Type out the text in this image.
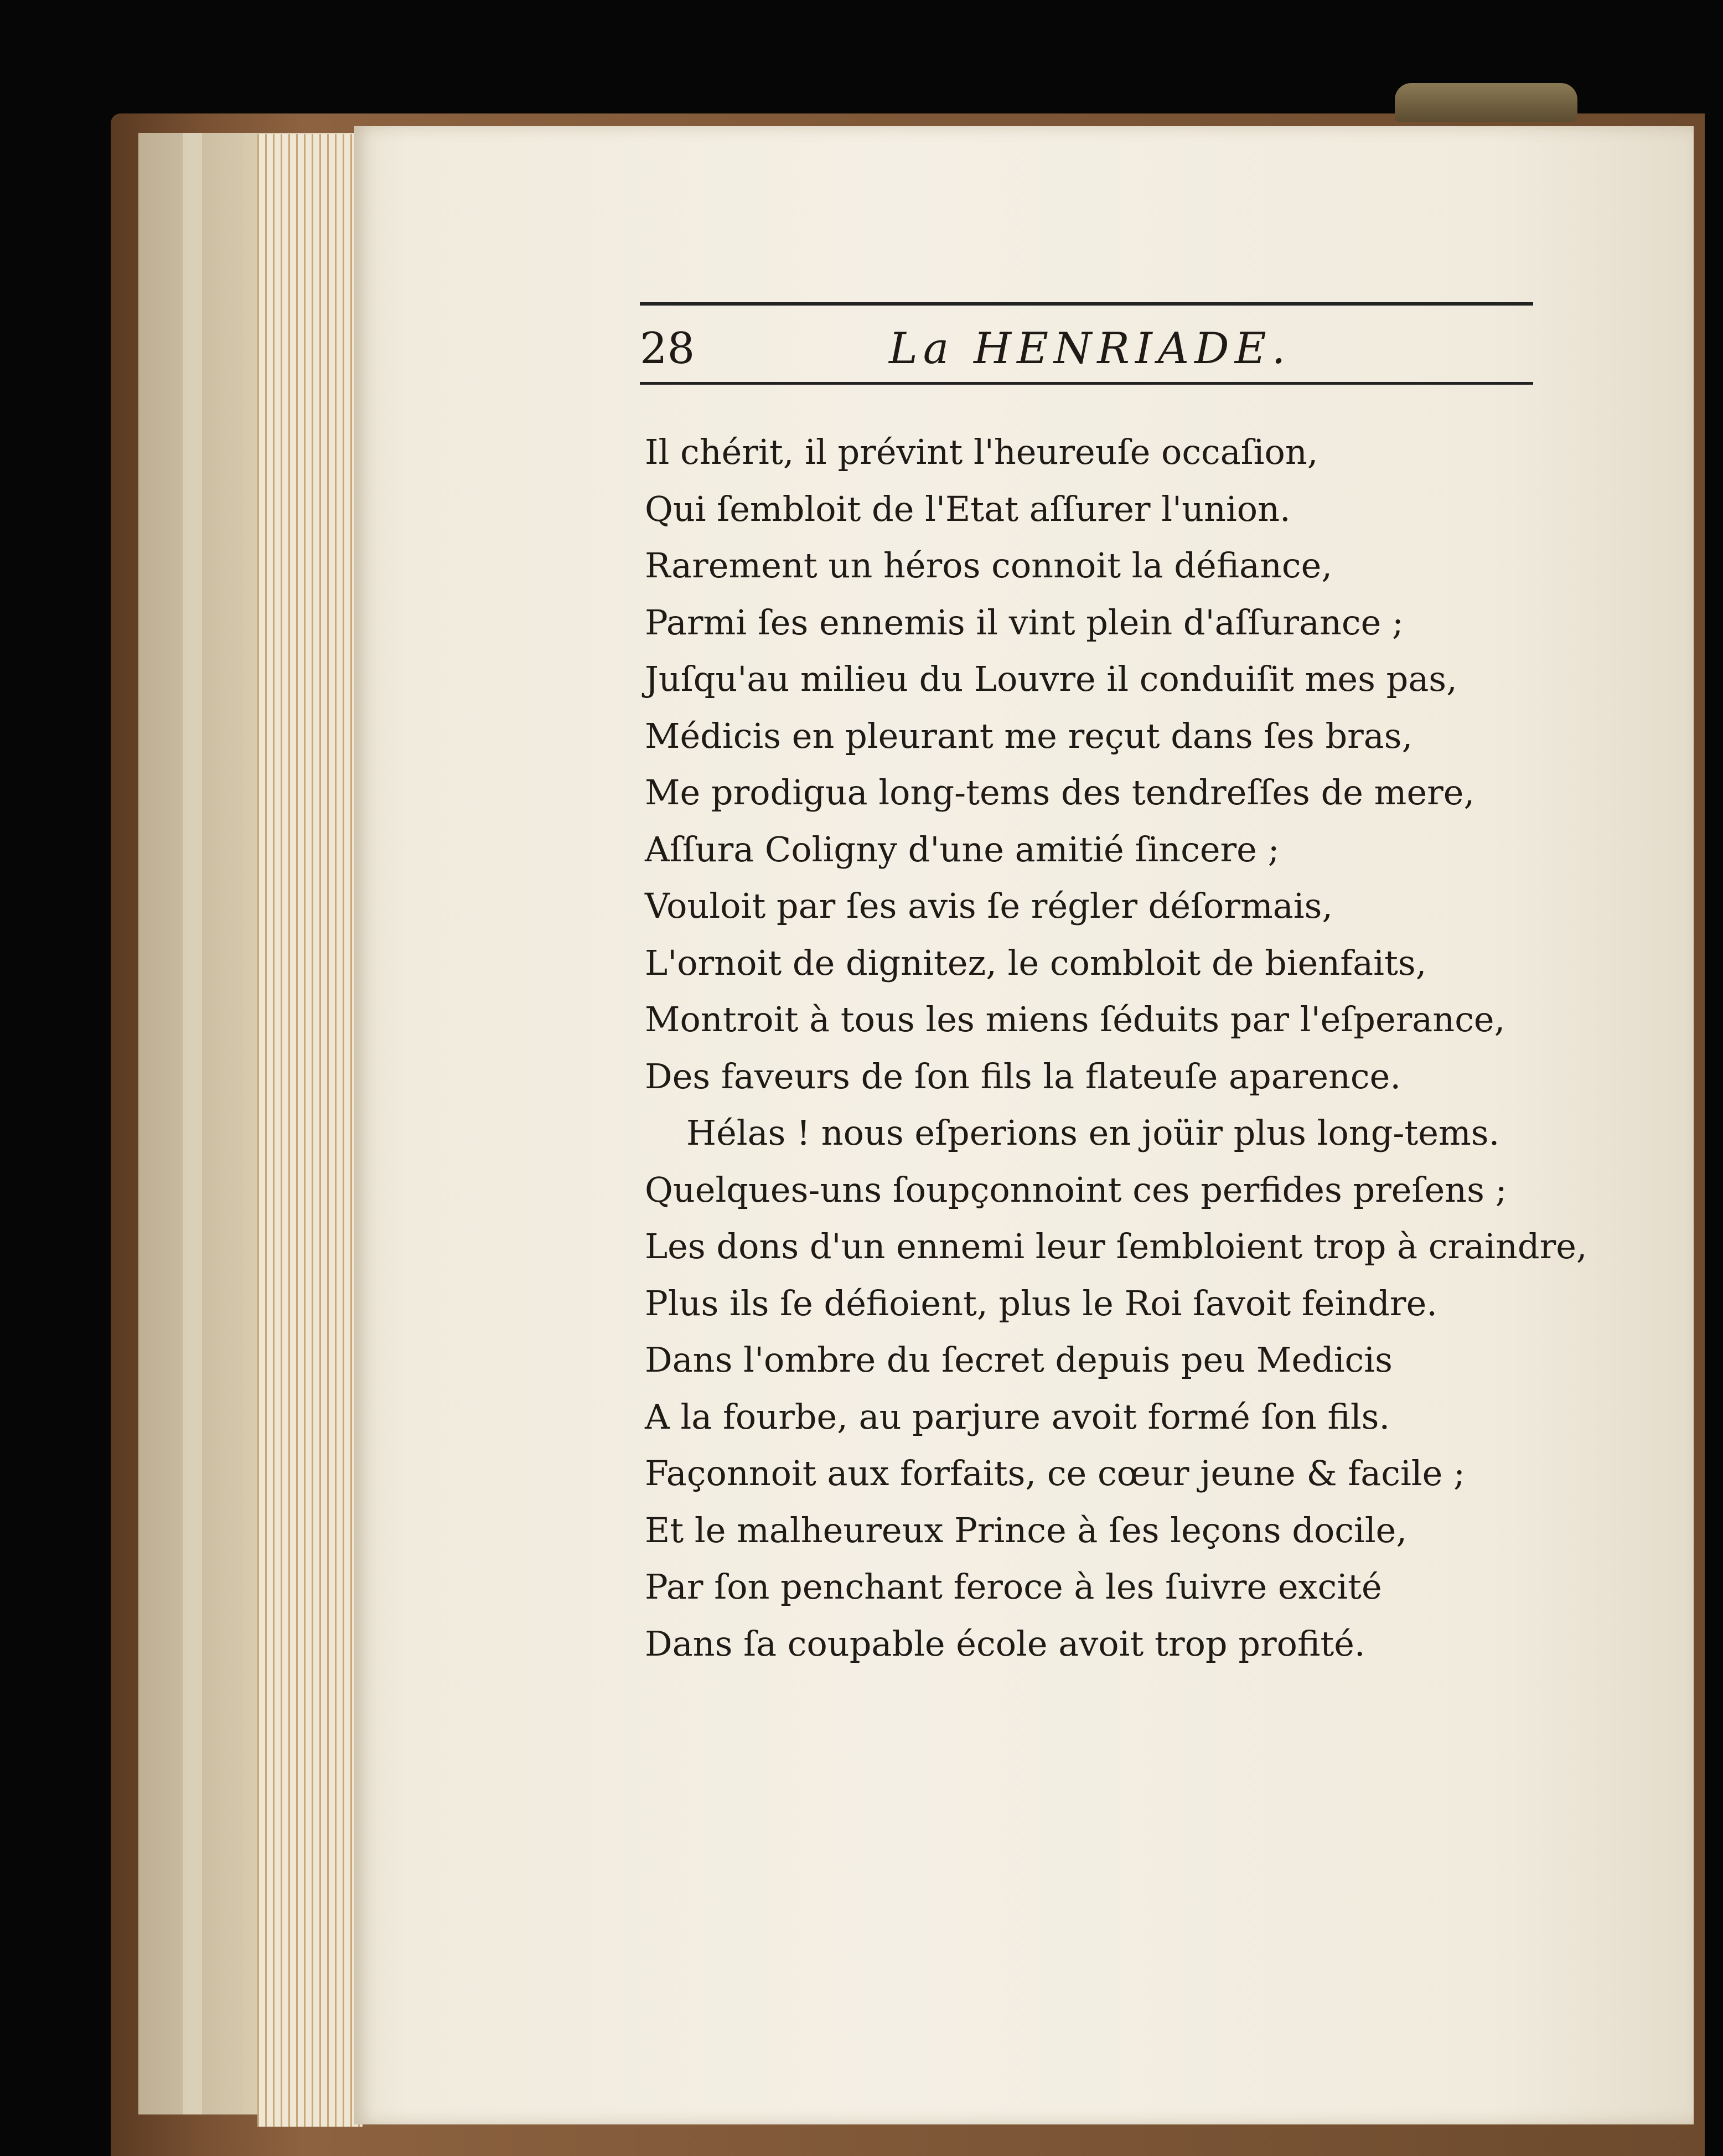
28	La HENRIADE.
Il chérit, il prévint l'heureuſe occaſion,
Qui ſembloit de l'Etat aſſurer l'union.
Rarement un héros connoit la défiance,
Parmi ſes ennemis il vint plein d'aſſurance ;
Juſqu'au milieu du Louvre il conduiſit mes pas,
Médicis en pleurant me reçut dans ſes bras,
Me prodigua long-tems des tendreſſes de mere,
Aſſura Coligny d'une amitié ſincere ;
Vouloit par ſes avis ſe régler déſormais,
L'ornoit de dignitez, le combloit de bienfaits,
Montroit à tous les miens ſéduits par l'eſperance,
Des faveurs de ſon fils la flateuſe aparence.
Hélas ! nous eſperions en joüir plus long-tems.
Quelques-uns ſoupçonnoint ces perfides preſens ;
Les dons d'un ennemi leur ſembloient trop à craindre,
Plus ils ſe défioient, plus le Roi ſavoit feindre.
Dans l'ombre du ſecret depuis peu Medicis
A la fourbe, au parjure avoit formé ſon fils.
Façonnoit aux forfaits, ce cœur jeune & facile ;
Et le malheureux Prince à ſes leçons docile,
Par ſon penchant feroce à les ſuivre excité
Dans ſa coupable école avoit trop profité.
